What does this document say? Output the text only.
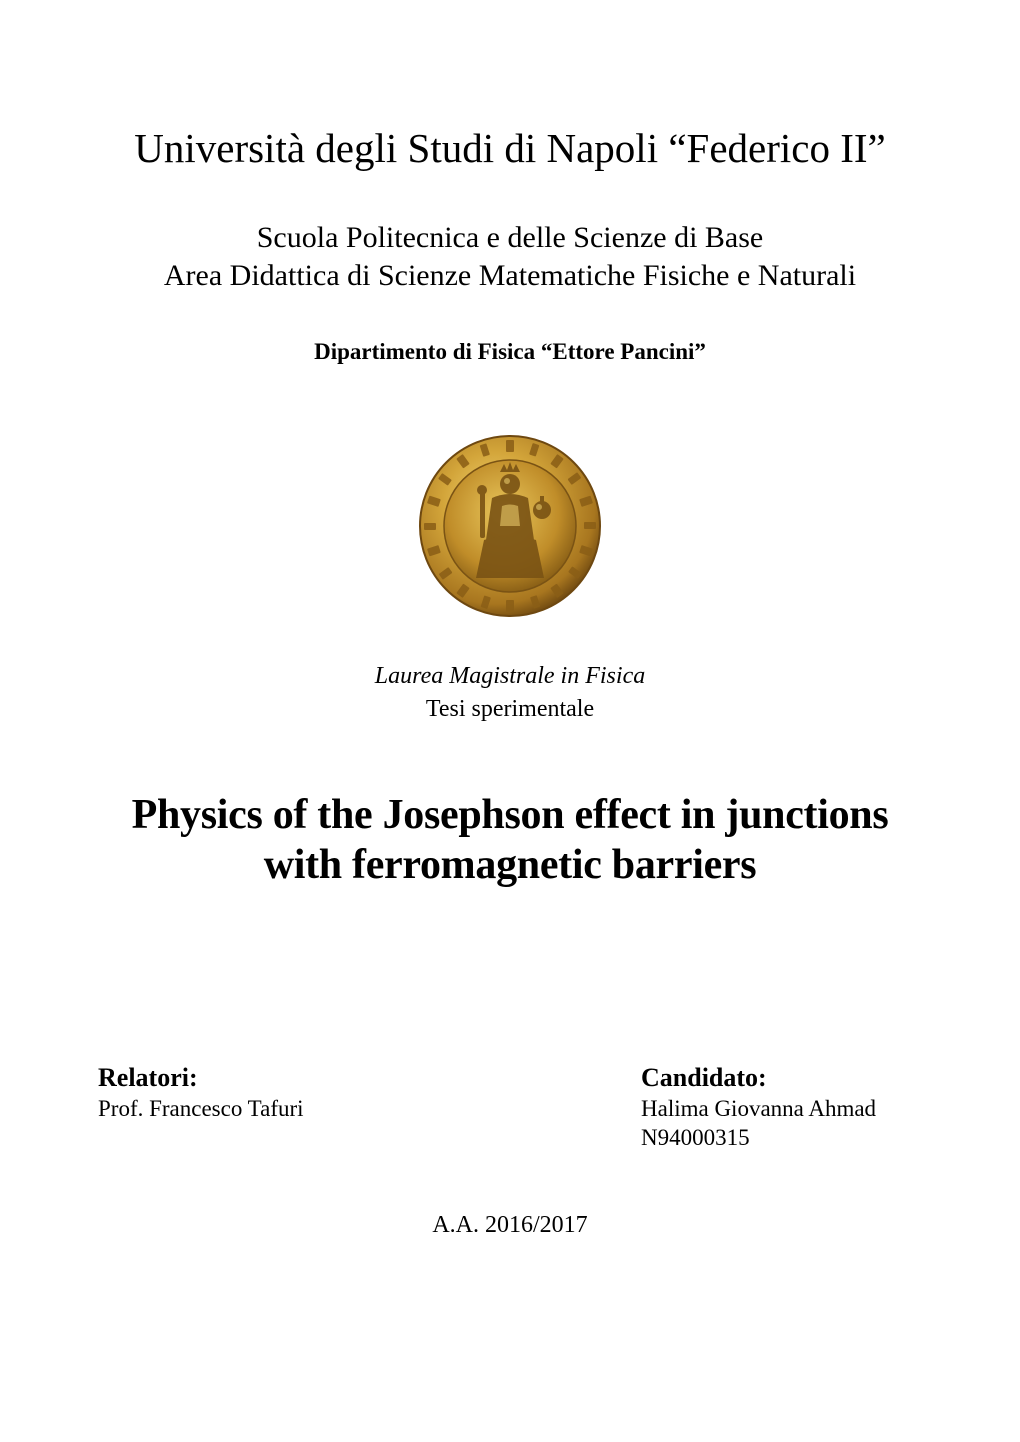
Università degli Studi di Napoli “Federico II”

Scuola Politecnica e delle Scienze di Base

Area Didattica di Scienze Matematiche Fisiche e Naturali

Dipartimento di Fisica “Ettore Pancini”

Laurea Magistrale in Fisica

Tesi sperimentale

Physics of the Josephson effect in junctions
with ferromagnetic barriers
Relatori:
Prof. Francesco Tafuri
Candidato:
Halima Giovanna Ahmad
N94000315

A.A. 2016/2017
